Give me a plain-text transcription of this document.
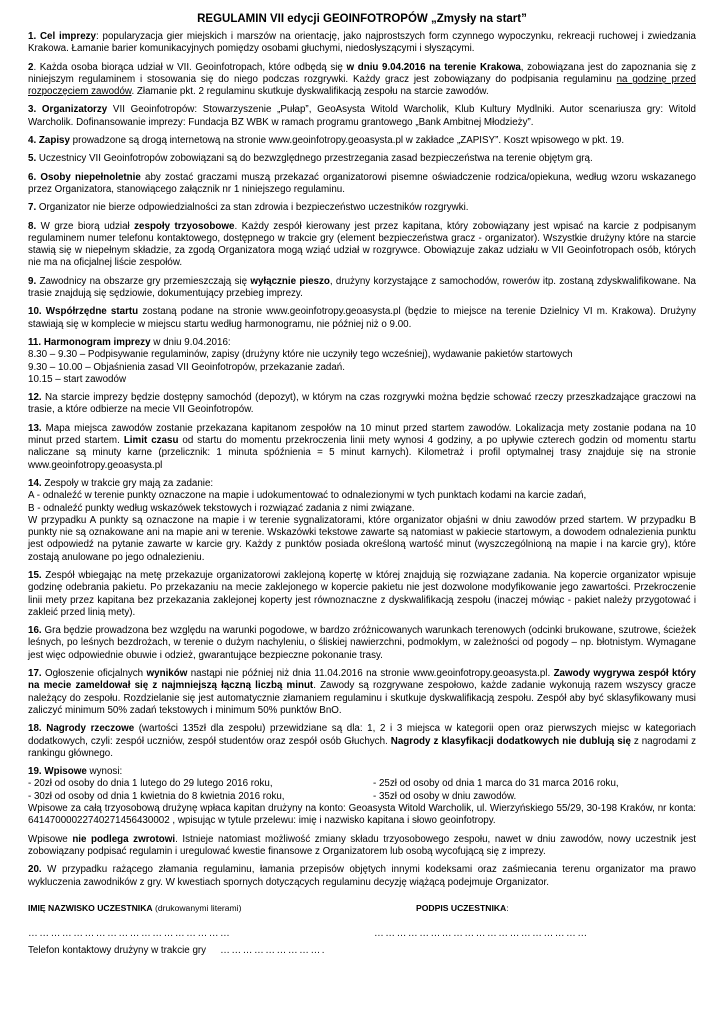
REGULAMIN VII edycji GEOINFOTROPÓW „Zmysły na start”
1. Cel imprezy: popularyzacja gier miejskich i marszów na orientację, jako najprostszych form czynnego wypoczynku, rekreacji ruchowej i zwiedzania Krakowa. Łamanie barier komunikacyjnych pomiędzy osobami głuchymi, niedosłyszącymi i słyszącymi.
2. Każda osoba biorąca udział w VII. Geoinfotropach, które odbędą się w dniu 9.04.2016 na terenie Krakowa, zobowiązana jest do zapoznania się z niniejszym regulaminem i stosowania się do niego podczas rozgrywki. Każdy gracz jest zobowiązany do podpisania regulaminu na godzinę przed rozpoczęciem zawodów. Złamanie pkt. 2 regulaminu skutkuje dyskwalifikacją zespołu na starcie zawodów.
3. Organizatorzy VII Geoinfotropów: Stowarzyszenie „Pułap”, GeoAsysta Witold Warcholik, Klub Kultury Mydlniki. Autor scenariusza gry: Witold Warcholik. Dofinansowanie imprezy: Fundacja BZ WBK w ramach programu grantowego „Bank Ambitnej Młodzieży”.
4. Zapisy prowadzone są drogą internetową na stronie www.geoinfotropy.geoasysta.pl w zakładce „ZAPISY”. Koszt wpisowego w pkt. 19.
5. Uczestnicy VII Geoinfotropów zobowiązani są do bezwzględnego przestrzegania zasad bezpieczeństwa na terenie objętym grą.
6. Osoby niepełnoletnie aby zostać graczami muszą przekazać organizatorowi pisemne oświadczenie rodzica/opiekuna, według wzoru wskazanego przez Organizatora, stanowiącego załącznik nr 1 niniejszego regulaminu.
7. Organizator nie bierze odpowiedzialności za stan zdrowia i bezpieczeństwo uczestników rozgrywki.
8. W grze biorą udział zespoły trzyosobowe. Każdy zespół kierowany jest przez kapitana, który zobowiązany jest wpisać na karcie z podpisanym regulaminem numer telefonu kontaktowego, dostępnego w trakcie gry (element bezpieczeństwa gracz - organizator). Wszystkie drużyny które na starcie stawią się w niepełnym składzie, za zgodą Organizatora mogą wziąć udział w rozgrywce. Obowiązuje zakaz udziału w VII Geoinfotropach osób, których nie ma na oficjalnej liście zespołów.
9. Zawodnicy na obszarze gry przemieszczają się wyłącznie pieszo, drużyny korzystające z samochodów, rowerów itp. zostaną zdyskwalifikowane. Na trasie znajdują się sędziowie, dokumentujący przebieg imprezy.
10. Współrzędne startu zostaną podane na stronie www.geoinfotropy.geoasysta.pl (będzie to miejsce na terenie Dzielnicy VI m. Krakowa). Drużyny stawiają się w komplecie w miejscu startu według harmonogramu, nie później niż o 9.00.

11. Harmonogram imprezy w dniu 9.04.2016:

8.30 – 9.30 – Podpisywanie regulaminów, zapisy (drużyny które nie uczyniły tego wcześniej), wydawanie pakietów startowych

9.30 – 10.00 – Objaśnienia zasad VII Geoinfotropów, przekazanie zadań.

10.15 – start zawodów

12. Na starcie imprezy będzie dostępny samochód (depozyt), w którym na czas rozgrywki można będzie schować rzeczy przeszkadzające graczowi na trasie, a które odbierze na mecie VII Geoinfotropów.
13. Mapa miejsca zawodów zostanie przekazana kapitanom zespołów na 10 minut przed startem zawodów. Lokalizacja mety zostanie podana na 10 minut przed startem. Limit czasu od startu do momentu przekroczenia linii mety wynosi 4 godziny, a po upływie czterech godzin od momentu startu naliczane są minuty karne (przelicznik: 1 minuta spóźnienia = 5 minut karnych). Kilometraż i profil optymalnej trasy znajduje się na stronie www.geoinfotropy.geoasysta.pl

14. Zespoły w trakcie gry mają za zadanie:

A - odnaleźć w terenie punkty oznaczone na mapie i udokumentować to odnalezionymi w tych punktach kodami na karcie zadań,

B - odnaleźć punkty według wskazówek tekstowych i rozwiązać zadania z nimi związane.

W przypadku A punkty są oznaczone na mapie i w terenie sygnalizatorami, które organizator objaśni w dniu zawodów przed startem. W przypadku B punkty nie są oznakowane ani na mapie ani w terenie. Wskazówki tekstowe zawarte są natomiast w pakiecie startowym, a dowodem odnalezienia punktu jest odpowiedź na pytanie zawarte w karcie gry. Każdy z punktów posiada określoną wartość minut (wyszczególnioną na mapie i na karcie gry), które zostają anulowane po jego odnalezieniu.

15. Zespół wbiegając na metę przekazuje organizatorowi zaklejoną kopertę w której znajdują się rozwiązane zadania. Na kopercie organizator wpisuje godzinę odebrania pakietu. Po przekazaniu na mecie zaklejonego w kopercie pakietu nie jest dozwolone modyfikowanie jego zawartości. Przekroczenie linii mety przez kapitana bez przekazania zaklejonej koperty jest równoznaczne z dyskwalifikacją zespołu (inaczej mówiąc - pakiet należy przygotować i zakleić przed linią mety).
16. Gra będzie prowadzona bez względu na warunki pogodowe, w bardzo zróżnicowanych warunkach terenowych (odcinki brukowane, szutrowe, ścieżek leśnych, po leśnych bezdrożach, w terenie o dużym nachyleniu, o śliskiej nawierzchni, podmokłym, w zależności od pogody – np. błotnistym. Wymagane jest więc odpowiednie obuwie i odzież, gwarantujące bezpieczne pokonanie trasy.
17. Ogłoszenie oficjalnych wyników nastąpi nie później niż dnia 11.04.2016 na stronie www.geoinfotropy.geoasysta.pl. Zawody wygrywa zespół który na mecie zameldował się z najmniejszą łączną liczbą minut. Zawody są rozgrywane zespołowo, każde zadanie wykonują razem wszyscy gracze należący do zespołu. Rozdzielanie się jest automatycznie złamaniem regulaminu i skutkuje dyskwalifikacją zespołu. Zespół aby być sklasyfikowany musi zaliczyć minimum 50% zadań tekstowych i minimum 50% punktów BnO.
18. Nagrody rzeczowe (wartości 135zł dla zespołu) przewidziane są dla: 1, 2 i 3 miejsca w kategorii open oraz pierwszych miejsc w kategoriach dodatkowych, czyli: zespół uczniów, zespół studentów oraz zespół osób Głuchych. Nagrody z klasyfikacji dodatkowych nie dublują się z nagrodami z rankingu głównego.

19. Wpisowe wynosi:

- 20zł od osoby do dnia 1 lutego do 29 lutego 2016 roku,	- 25zł od osoby od dnia 1 marca do 31 marca 2016 roku,
- 30zł od osoby od dnia 1 kwietnia do 8 kwietnia 2016 roku,	- 35zł od osoby w dniu zawodów.

Wpisowe za całą trzyosobową drużynę wpłaca kapitan drużyny na konto: Geoasysta Witold Warcholik, ul. Wierzyńskiego 55/29, 30-198 Kraków, nr konta: 64147000022740271456430002 , wpisując w tytule przelewu: imię i nazwisko kapitana i słowo geoinfotropy.

Wpisowe nie podlega zwrotowi. Istnieje natomiast możliwość zmiany składu trzyosobowego zespołu, nawet w dniu zawodów, nowy uczestnik jest zobowiązany podpisać regulamin i uregulować kwestie finansowe z Organizatorem lub osobą wycofującą się z imprezy.

20. W przypadku rażącego złamania regulaminu, łamania przepisów objętych innymi kodeksami oraz zaśmiecania terenu organizator ma prawo wykluczenia zawodników z gry. W kwestiach spornych dotyczących regulaminu decyzję wiążącą podejmuje Organizator.
IMIĘ NAZWISKO UCZESTNIKA (drukowanymi literami)	PODPIS UCZESTNIKA:
………………………………………………	…………………………………………………
Telefon kontaktowy drużyny w trakcie gry ……………………….
